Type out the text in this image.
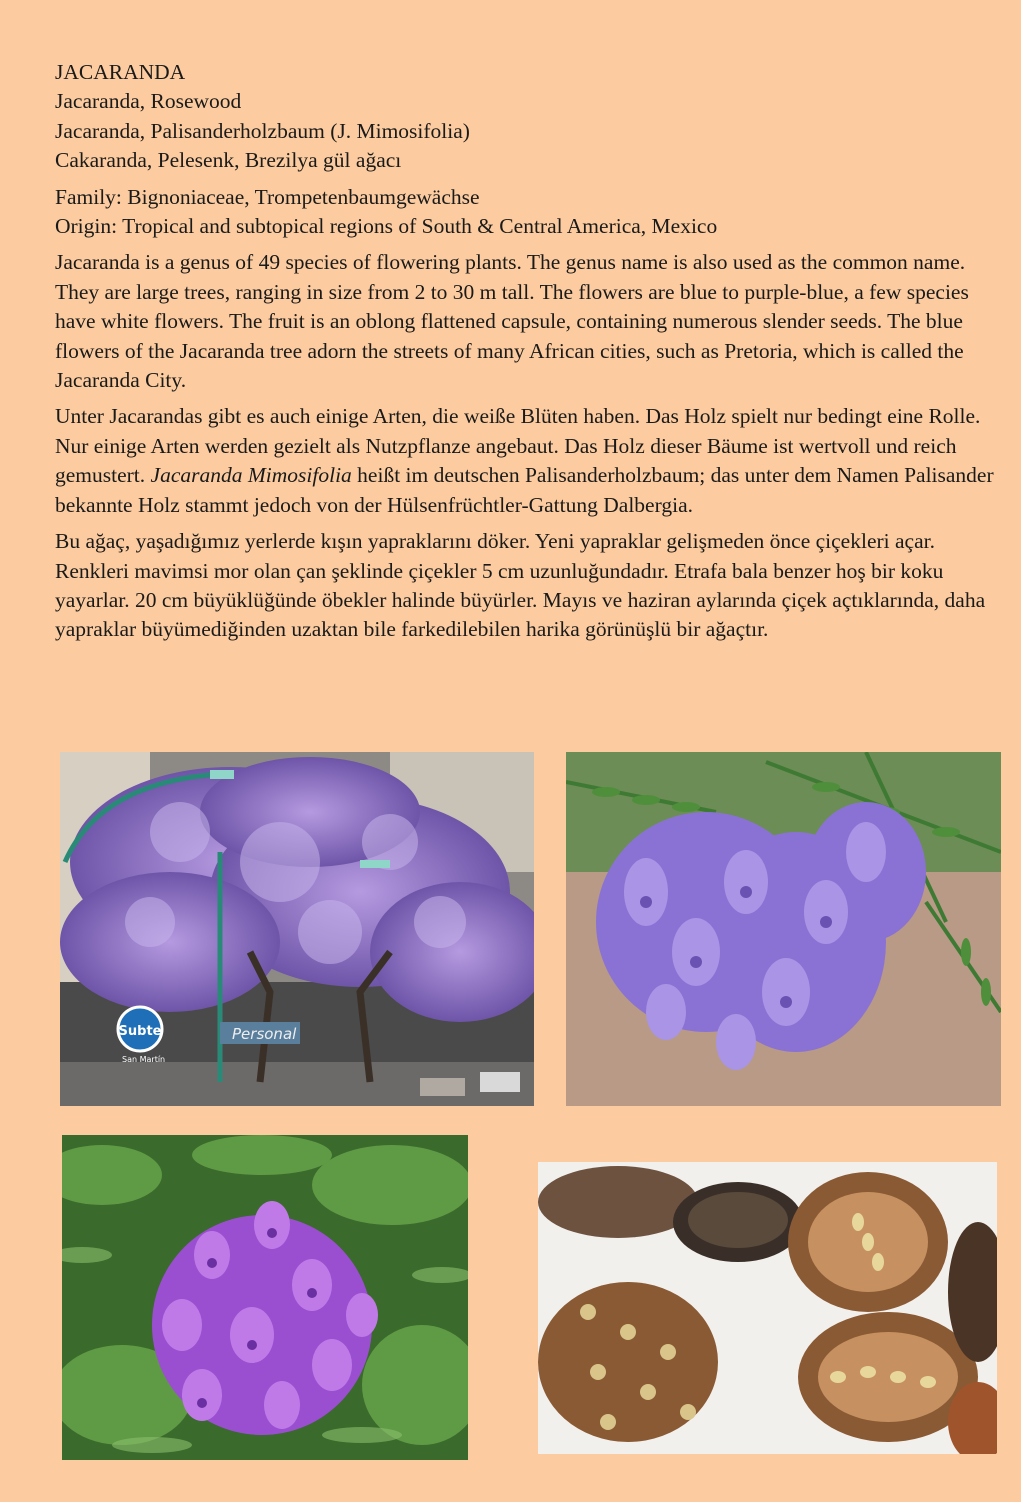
JACARANDA
Jacaranda, Rosewood
Jacaranda, Palisanderholzbaum (J. Mimosifolia)
Cakaranda, Pelesenk, Brezilya gül ağacı
Family: Bignoniaceae, Trompetenbaumgewächse
Origin: Tropical and subtopical regions of South & Central America, Mexico

Jacaranda is a genus of 49 species of flowering plants. The genus name is also used as the common name. They are large trees, ranging in size from 2 to 30 m tall. The flowers are blue to purple-blue, a few species have white flowers. The fruit is an oblong flattened capsule, containing numerous slender seeds. The blue flowers of the Jacaranda tree adorn the streets of many African cities, such as Pretoria, which is called the Jacaranda City.

Unter Jacarandas gibt es auch einige Arten, die weiße Blüten haben. Das Holz spielt nur bedingt eine Rolle. Nur einige Arten werden gezielt als Nutzpflanze angebaut. Das Holz dieser Bäume ist wertvoll und reich gemustert. Jacaranda Mimosifolia heißt im deutschen Palisanderholzbaum; das unter dem Namen Palisander bekannte Holz stammt jedoch von der Hülsenfrüchtler-Gattung Dalbergia.

Bu ağaç, yaşadığımız yerlerde kışın yapraklarını döker. Yeni yapraklar gelişmeden önce çiçekleri açar. Renkleri mavimsi mor olan çan şeklinde çiçekler 5 cm uzunluğundadır. Etrafa bala benzer hoş bir koku yayarlar. 20 cm büyüklüğünde öbekler halinde büyürler. Mayıs ve haziran aylarında çiçek açtıklarında, daha yapraklar büyümediğinden uzaktan bile farkedilebilen harika görünüşlü bir ağaçtır.

Subte
San Martín
Personal
